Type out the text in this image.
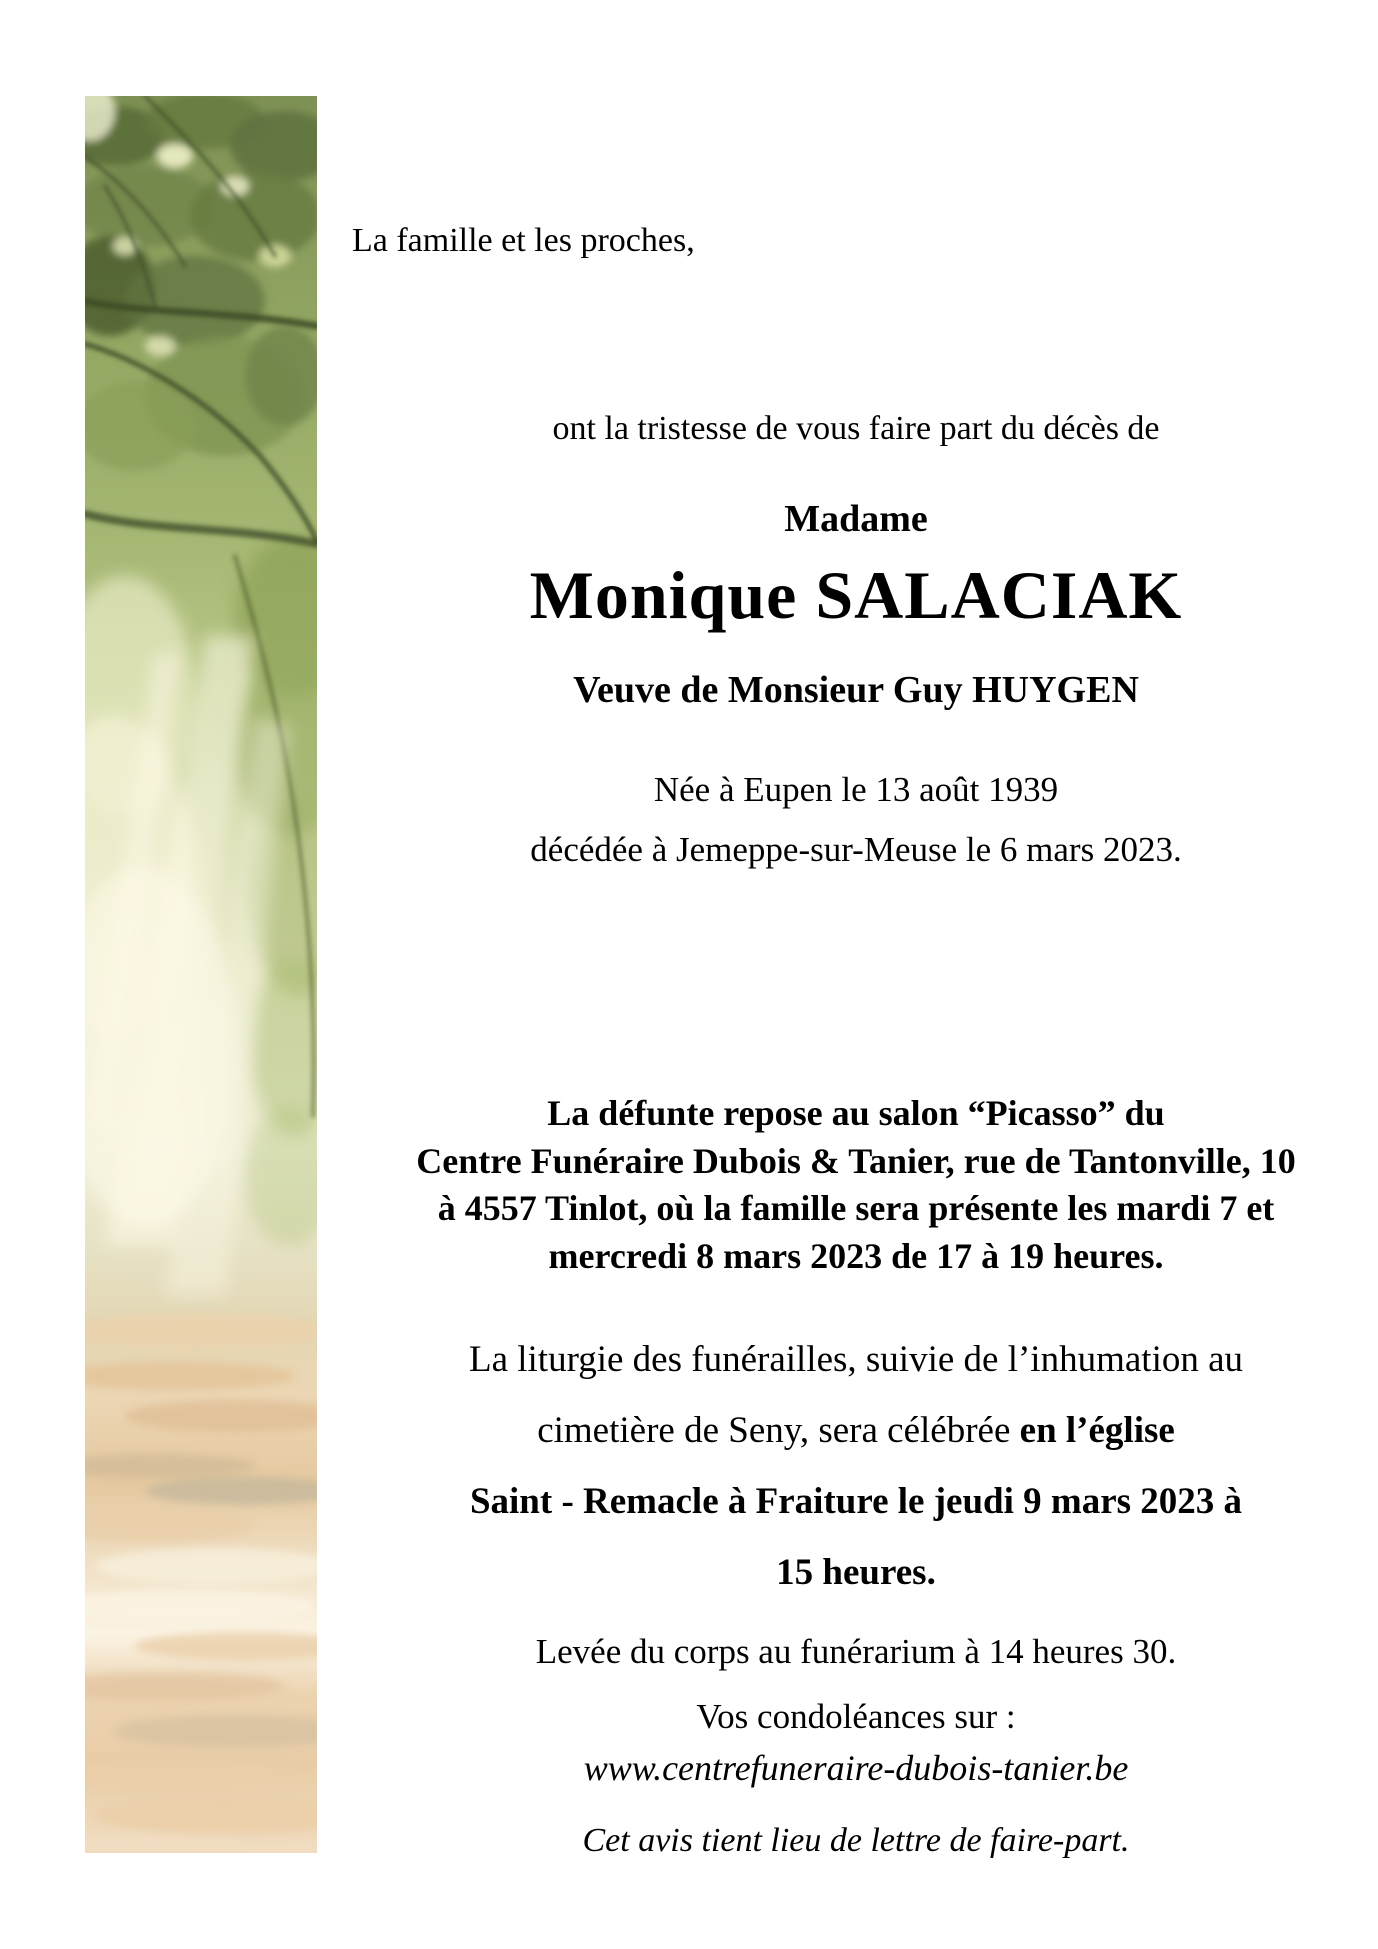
La famille et les proches,

ont la tristesse de vous faire part du décès de

Madame

Monique SALACIAK

Veuve de Monsieur Guy HUYGEN

Née à Eupen le 13 août 1939

décédée à Jemeppe-sur-Meuse le 6 mars 2023.

La défunte repose au salon “Picasso” du

Centre Funéraire Dubois & Tanier, rue de Tantonville, 10

à 4557 Tinlot, où la famille sera présente les mardi 7 et

mercredi 8 mars 2023 de 17 à 19 heures.

La liturgie des funérailles, suivie de l’inhumation au

cimetière de Seny, sera célébrée en l’église

Saint - Remacle à Fraiture le jeudi 9 mars 2023 à

15 heures.

Levée du corps au funérarium à 14 heures 30.

Vos condoléances sur :

www.centrefuneraire-dubois-tanier.be

Cet avis tient lieu de lettre de faire-part.
